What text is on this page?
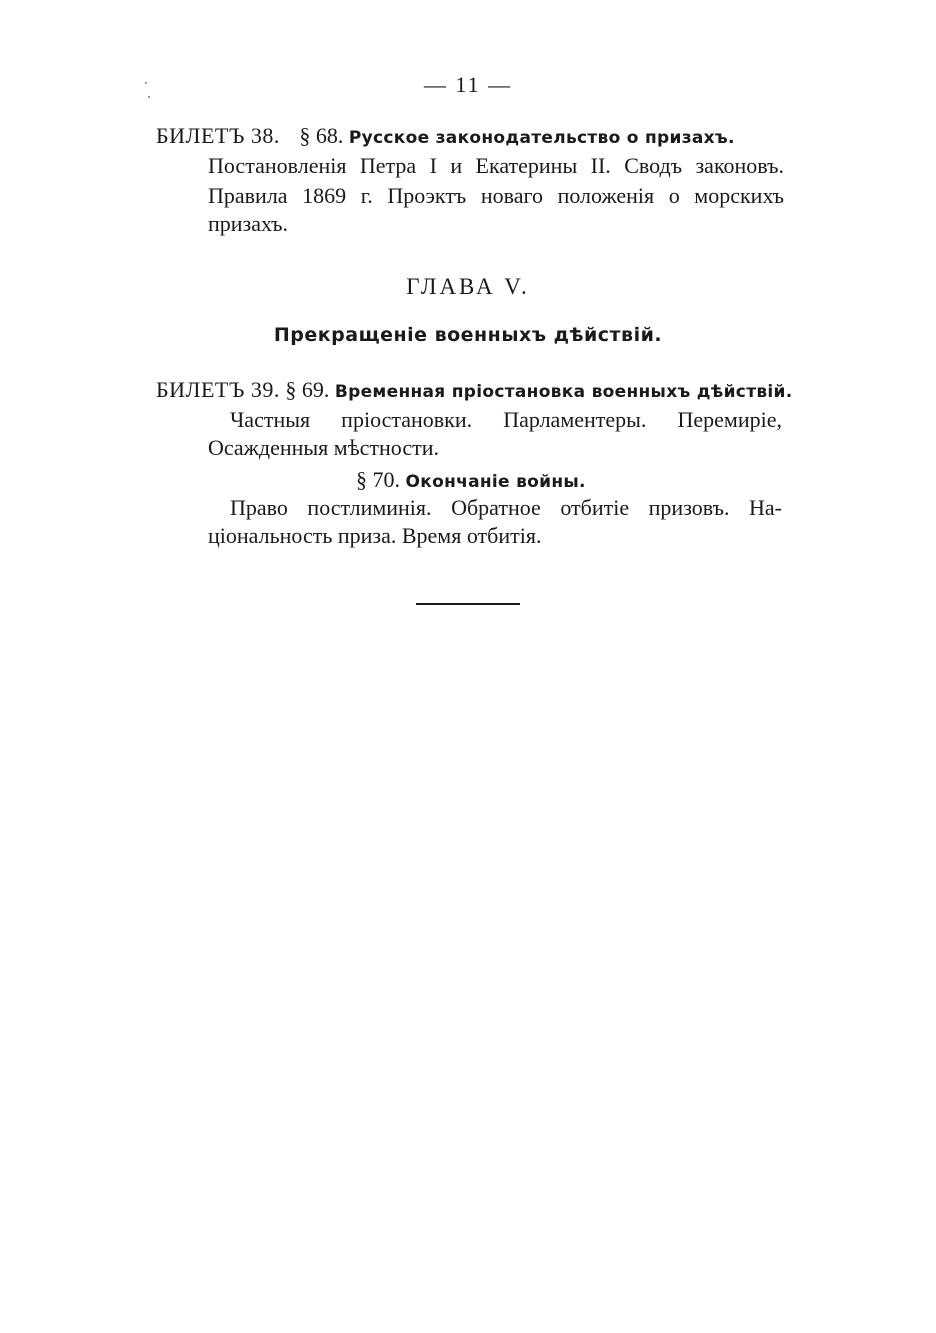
— 11 —
БИЛЕТЪ 38. § 68. Русское законодательство о призахъ.
Постановленія Петра I и Екатерины II. Сводъ законовъ.
Правила 1869 г. Проэктъ новаго положенія о морскихъ
призахъ.
ГЛАВА V.
Прекращеніе военныхъ дѣйствій.
БИЛЕТЪ 39. § 69. Временная пріостановка военныхъ дѣйствій.
Частныя пріостановки. Парламентеры. Перемиріе,
Осажденныя мѣстности.
§ 70. Окончаніе войны.
Право постлиминія. Обратное отбитіе призовъ. На-
ціональность приза. Время отбитія.
